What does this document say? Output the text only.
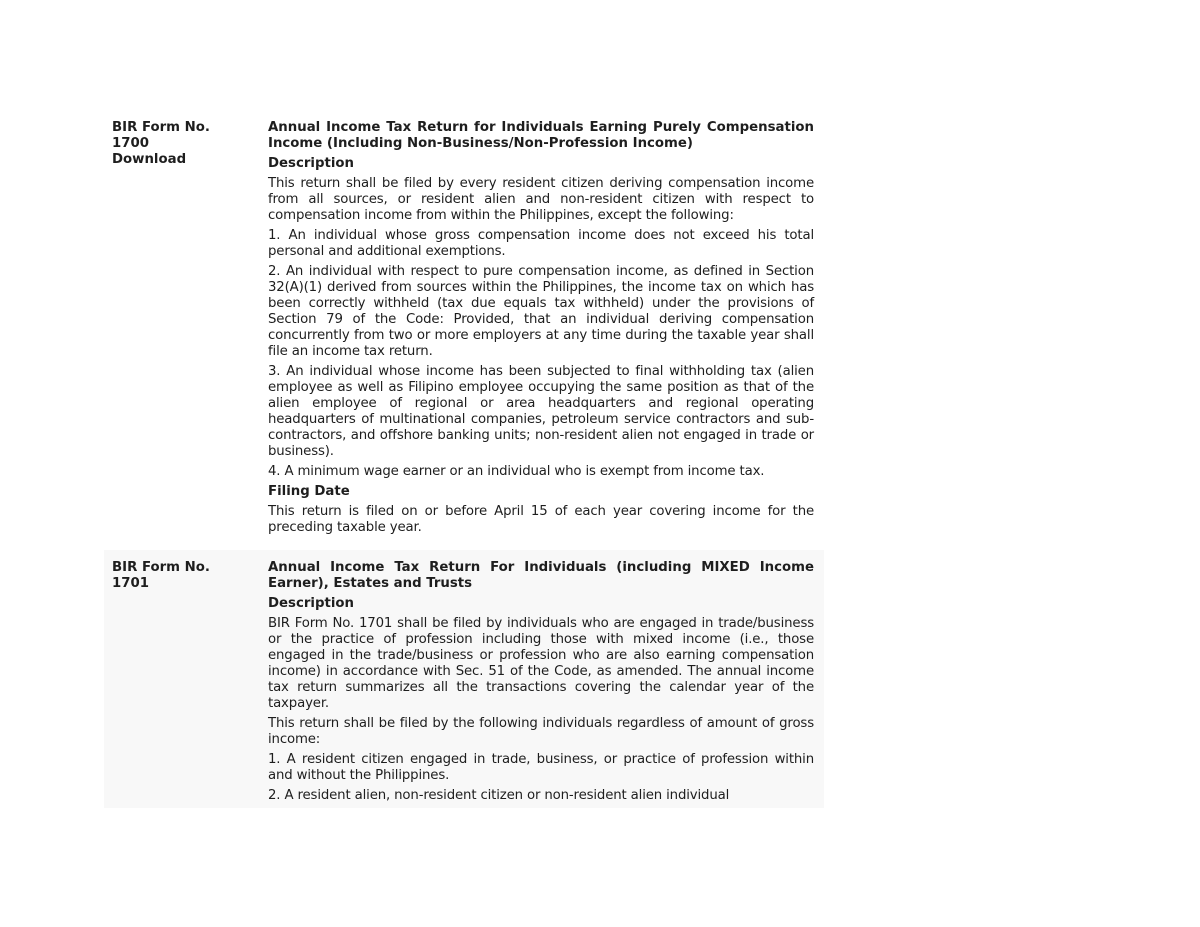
BIR Form No.
1700
Download

Annual Income Tax Return for Individuals Earning Purely Compensation Income (Including Non-Business/Non-Profession Income)

Description

This return shall be filed by every resident citizen deriving compensation income from all sources, or resident alien and non-resident citizen with respect to compensation income from within the Philippines, except the following:

1. An individual whose gross compensation income does not exceed his total personal and additional exemptions.

2. An individual with respect to pure compensation income, as defined in Section 32(A)(1) derived from sources within the Philippines, the income tax on which has been correctly withheld (tax due equals tax withheld) under the provisions of Section 79 of the Code: Provided, that an individual deriving compensation concurrently from two or more employers at any time during the taxable year shall file an income tax return.

3. An individual whose income has been subjected to final withholding tax (alien employee as well as Filipino employee occupying the same position as that of the alien employee of regional or area headquarters and regional operating headquarters of multinational companies, petroleum service contractors and sub-contractors, and offshore banking units; non-resident alien not engaged in trade or business).

4. A minimum wage earner or an individual who is exempt from income tax.

Filing Date

This return is filed on or before April 15 of each year covering income for the preceding taxable year.

BIR Form No.
1701

Annual Income Tax Return For Individuals (including MIXED Income Earner), Estates and Trusts

Description

BIR Form No. 1701 shall be filed by individuals who are engaged in trade/business or the practice of profession including those with mixed income (i.e., those engaged in the trade/business or profession who are also earning compensation income) in accordance with Sec. 51 of the Code, as amended. The annual income tax return summarizes all the transactions covering the calendar year of the taxpayer.

This return shall be filed by the following individuals regardless of amount of gross income:

1. A resident citizen engaged in trade, business, or practice of profession within and without the Philippines.

2. A resident alien, non-resident citizen or non-resident alien individual
